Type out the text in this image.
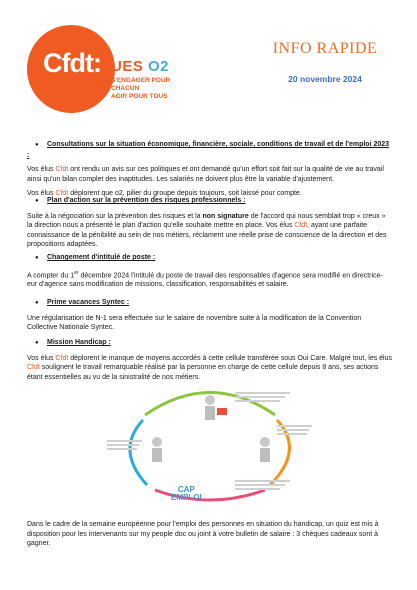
Cfdt: UES O2
S'ENGAGER POUR CHACUN
AGIR POUR TOUS
INFO RAPIDE
20 novembre 2024
● Consultations sur la situation économique, financière, sociale, conditions de travail et de l'emploi 2023 :
Vos élus Cfdt ont rendu un avis sur ces politiques et ont demandé qu'un effort soit fait sur la qualité de vie au travail ainsi qu'un bilan complet des inaptitudes. Les salariés ne doivent plus être la variable d'ajustement.
Vos élus Cfdt déplorent que o2, pilier du groupe depuis toujours, soit laissé pour compte.
● Plan d'action sur la prévention des risques professionnels :
Suite à la négociation sur la prévention des risques et la non signature de l'accord qui nous semblait trop « creux » la direction nous a présenté le plan d'action qu'elle souhaite mettre en place. Vos élus Cfdt, ayant une parfaite connaissance de la pénibilité au sein de nos métiers, réclament une réelle prise de conscience de la direction et des propositions adaptées.
● Changement d'intitulé de poste :
A compter du 1er décembre 2024 l'intitulé du poste de travail des responsables d'agence sera modifié en directrice-eur d'agence sans modification de missions, classification, responsabilités et salaire.
● Prime vacances Syntec :
Une régularisation de N-1 sera effectuée sur le salaire de novembre suite à la modification de la Convention Collective Nationale Syntec.
● Mission Handicap :
Vos élus Cfdt déplorent le manque de moyens accordés à cette cellule transférée sous Oui Care. Malgré tout, les élus Cfdt soulignent le travail remarquable réalisé par la personne en charge de cette cellule depuis 8 ans, ses actions étant essentielles au vu de la sinistralité de nos métiers.
CAP
EMPLOI
Dans le cadre de la semaine européenne pour l'emploi des personnes en situation du handicap, un quiz est mis à disposition pour les intervenants sur my people doc ou joint à votre bulletin de salaire : 3 chèques cadeaux sont à gagner.
